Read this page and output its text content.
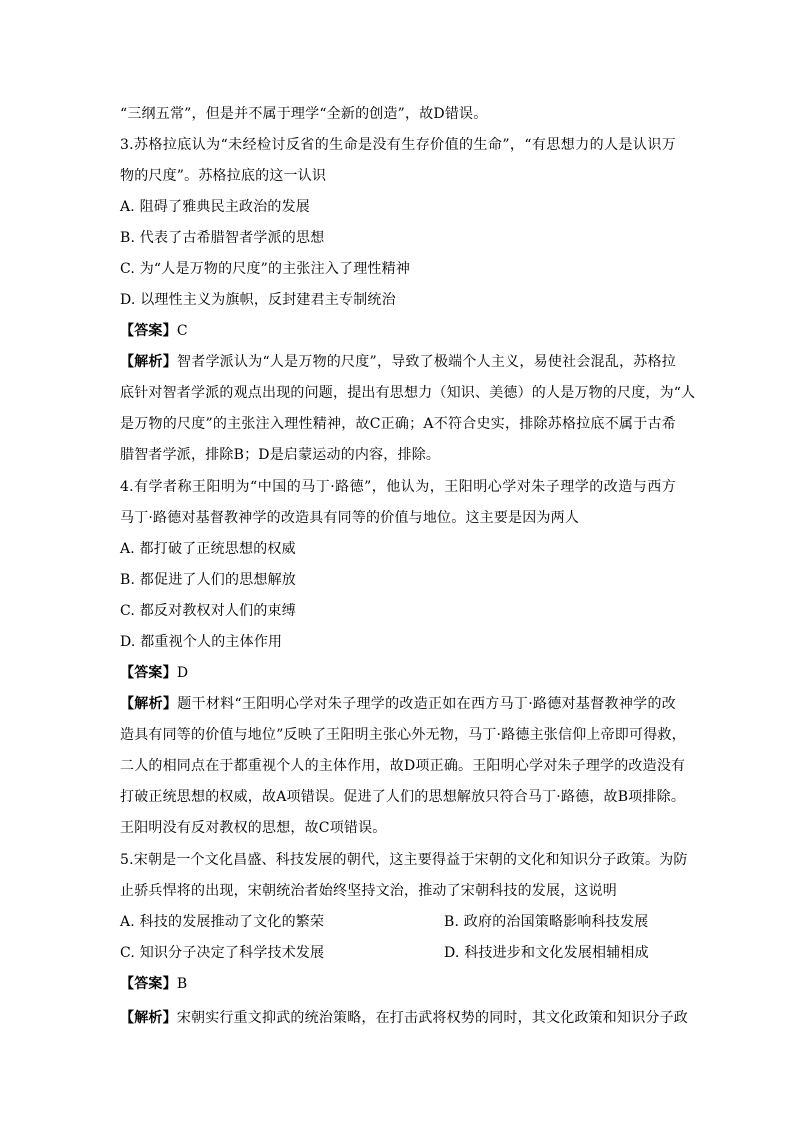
“三纲五常”，但是并不属于理学“全新的创造”，故D错误。
3.苏格拉底认为“未经检讨反省的生命是没有生存价值的生命”，“有思想力的人是认识万
物的尺度”。苏格拉底的这一认识
A. 阻碍了雅典民主政治的发展
B. 代表了古希腊智者学派的思想
C. 为“人是万物的尺度”的主张注入了理性精神
D. 以理性主义为旗帜，反封建君主专制统治
【答案】C
【解析】智者学派认为“人是万物的尺度”，导致了极端个人主义，易使社会混乱，苏格拉
底针对智者学派的观点出现的问题，提出有思想力（知识、美德）的人是万物的尺度，为“人
是万物的尺度”的主张注入理性精神，故C正确；A不符合史实，排除苏格拉底不属于古希
腊智者学派，排除B；D是启蒙运动的内容，排除。
4.有学者称王阳明为“中国的马丁·路德”，他认为，王阳明心学对朱子理学的改造与西方
马丁·路德对基督教神学的改造具有同等的价值与地位。这主要是因为两人
A. 都打破了正统思想的权威
B. 都促进了人们的思想解放
C. 都反对教权对人们的束缚
D. 都重视个人的主体作用
【答案】D
【解析】题干材料“王阳明心学对朱子理学的改造正如在西方马丁·路德对基督教神学的改
造具有同等的价值与地位”反映了王阳明主张心外无物，马丁·路德主张信仰上帝即可得救，
二人的相同点在于都重视个人的主体作用，故D项正确。王阳明心学对朱子理学的改造没有
打破正统思想的权威，故A项错误。促进了人们的思想解放只符合马丁·路德，故B项排除。
王阳明没有反对教权的思想，故C项错误。
5.宋朝是一个文化昌盛、科技发展的朝代，这主要得益于宋朝的文化和知识分子政策。为防
止骄兵悍将的出现，宋朝统治者始终坚持文治，推动了宋朝科技的发展，这说明
A. 科技的发展推动了文化的繁荣	B. 政府的治国策略影响科技发展
C. 知识分子决定了科学技术发展	D. 科技进步和文化发展相辅相成
【答案】B
【解析】宋朝实行重文抑武的统治策略，在打击武将权势的同时，其文化政策和知识分子政
